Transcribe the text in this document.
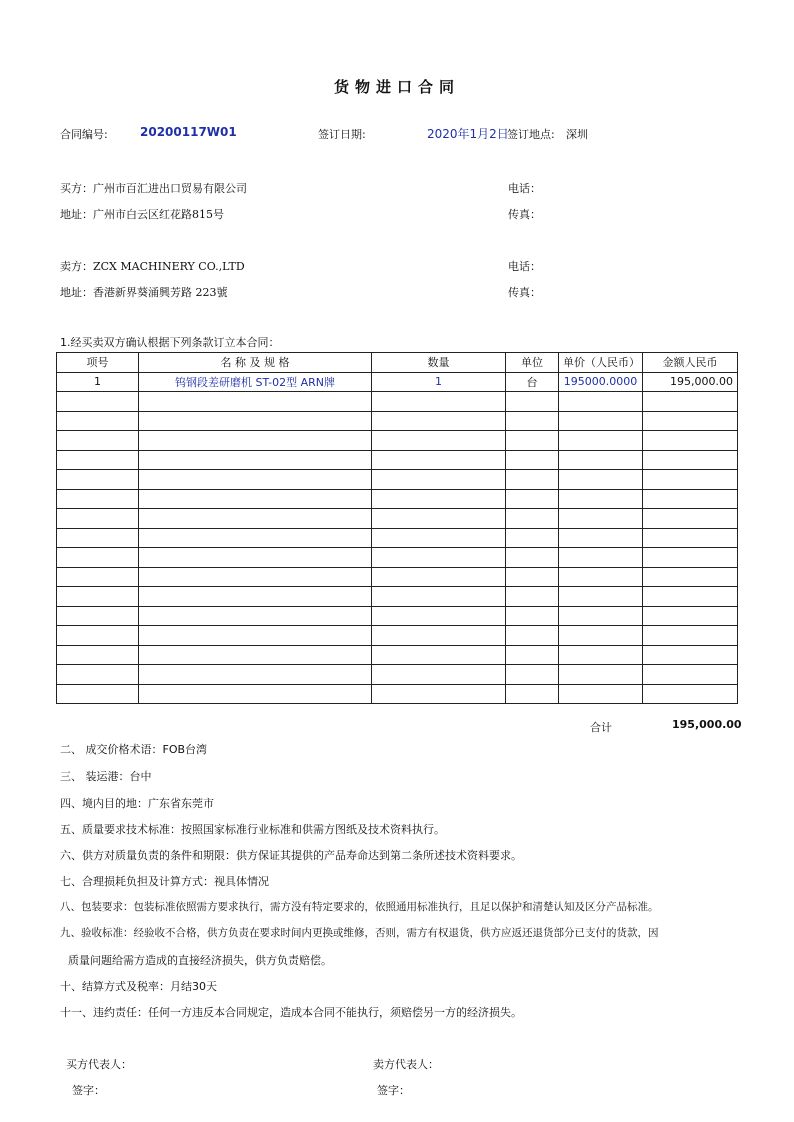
货物进口合同
合同编号:	20200117W01	签订日期:	2020年1月2日
签订地点: 深圳
买方：广州市百汇进出口贸易有限公司	电话：
地址：广州市白云区红花路815号	传真：
卖方：ZCX MACHINERY CO.,LTD	电话：
地址：香港新界葵涌興芳路 223號	传真：
1.经买卖双方确认根据下列条款订立本合同：
项号	名 称 及 规 格	数量	单位	单价（人民币）	金额人民币
1	钨钢段差研磨机 ST-02型 ARN牌	1	台	195000.0000	195,000.00

合计	195,000.00
二、 成交价格术语：FOB台湾
三、 装运港：台中
四、境内目的地：广东省东莞市
五、质量要求技术标准：按照国家标准行业标准和供需方图纸及技术资料执行。
六、供方对质量负责的条件和期限：供方保证其提供的产品寿命达到第二条所述技术资料要求。
七、合理损耗负担及计算方式：视具体情况
八、包装要求：包装标准依照需方要求执行，需方没有特定要求的，依照通用标准执行，且足以保护和清楚认知及区分产品标准。
九、验收标准：经验收不合格，供方负责在要求时间内更换或维修，否则，需方有权退货，供方应返还退货部分已支付的货款，因
质量问题给需方造成的直接经济损失，供方负责赔偿。
十、结算方式及税率：月结30天
十一、违约责任：任何一方违反本合同规定，造成本合同不能执行，须赔偿另一方的经济损失。
买方代表人：	卖方代表人：
签字：	签字：
